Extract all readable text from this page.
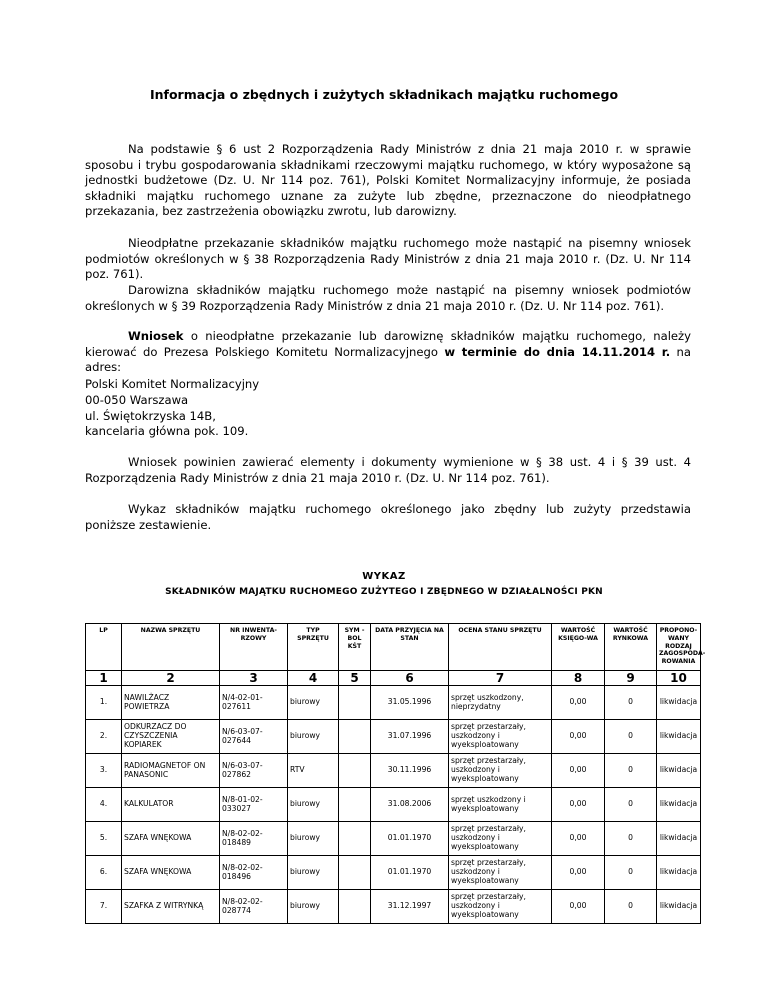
Informacja o zbędnych i zużytych składnikach majątku ruchomego
Na podstawie § 6 ust 2 Rozporządzenia Rady Ministrów z dnia 21 maja 2010 r. w sprawie sposobu i trybu gospodarowania składnikami rzeczowymi majątku ruchomego, w który wyposażone są jednostki budżetowe (Dz. U. Nr 114 poz. 761), Polski Komitet Normalizacyjny informuje, że posiada składniki majątku ruchomego uznane za zużyte lub zbędne, przeznaczone do nieodpłatnego przekazania, bez zastrzeżenia obowiązku zwrotu, lub darowizny.
Nieodpłatne przekazanie składników majątku ruchomego może nastąpić na pisemny wniosek podmiotów określonych w § 38 Rozporządzenia Rady Ministrów z dnia 21 maja 2010 r. (Dz. U. Nr 114 poz. 761).
Darowizna składników majątku ruchomego może nastąpić na pisemny wniosek podmiotów określonych w § 39 Rozporządzenia Rady Ministrów z dnia 21 maja 2010 r. (Dz. U. Nr 114 poz. 761).
Wniosek o nieodpłatne przekazanie lub darowiznę składników majątku ruchomego, należy kierować do Prezesa Polskiego Komitetu Normalizacyjnego w terminie do dnia 14.11.2014 r. na adres:
Polski Komitet Normalizacyjny
00-050 Warszawa
ul. Świętokrzyska 14B,
kancelaria główna pok. 109.
Wniosek powinien zawierać elementy i dokumenty wymienione w § 38 ust. 4 i § 39 ust. 4 Rozporządzenia Rady Ministrów z dnia 21 maja 2010 r. (Dz. U. Nr 114 poz. 761).
Wykaz składników majątku ruchomego określonego jako zbędny lub zużyty przedstawia poniższe zestawienie.
WYKAZ
SKŁADNIKÓW MAJĄTKU RUCHOMEGO ZUŻYTEGO I ZBĘDNEGO W DZIAŁALNOŚCI PKN
LP	NAZWA SPRZĘTU	NR INWENTA-RZOWY	TYP SPRZĘTU	SYM -BOL KŚT	DATA PRZYJĘCIA NA STAN	OCENA STANU SPRZĘTU	WARTOŚĆ KSIĘGO-WA	WARTOŚĆ RYNKOWA	PROPONO-WANY RODZAJ ZAGOSPODA-ROWANIA
1	2	3	4	5	6	7	8	9	10
1.	NAWILŻACZ POWIETRZA	N/4-02-01-027611	biurowy		31.05.1996	sprzęt uszkodzony, nieprzydatny	0,00	0	likwidacja
2.	ODKURZACZ DO CZYSZCZENIA KOPIAREK	N/6-03-07-027644	biurowy		31.07.1996	sprzęt przestarzały, uszkodzony i wyeksploatowany	0,00	0	likwidacja
3.	RADIOMAGNETOF ON PANASONIC	N/6-03-07-027862	RTV		30.11.1996	sprzęt przestarzały, uszkodzony i wyeksploatowany	0,00	0	likwidacja
4.	KALKULATOR	N/8-01-02-033027	biurowy		31.08.2006	sprzęt uszkodzony i wyeksploatowany	0,00	0	likwidacja
5.	SZAFA WNĘKOWA	N/8-02-02-018489	biurowy		01.01.1970	sprzęt przestarzały, uszkodzony i wyeksploatowany	0,00	0	likwidacja
6.	SZAFA WNĘKOWA	N/8-02-02-018496	biurowy		01.01.1970	sprzęt przestarzały, uszkodzony i wyeksploatowany	0,00	0	likwidacja
7.	SZAFKA Z WITRYNKĄ	N/8-02-02-028774	biurowy		31.12.1997	sprzęt przestarzały, uszkodzony i wyeksploatowany	0,00	0	likwidacja
